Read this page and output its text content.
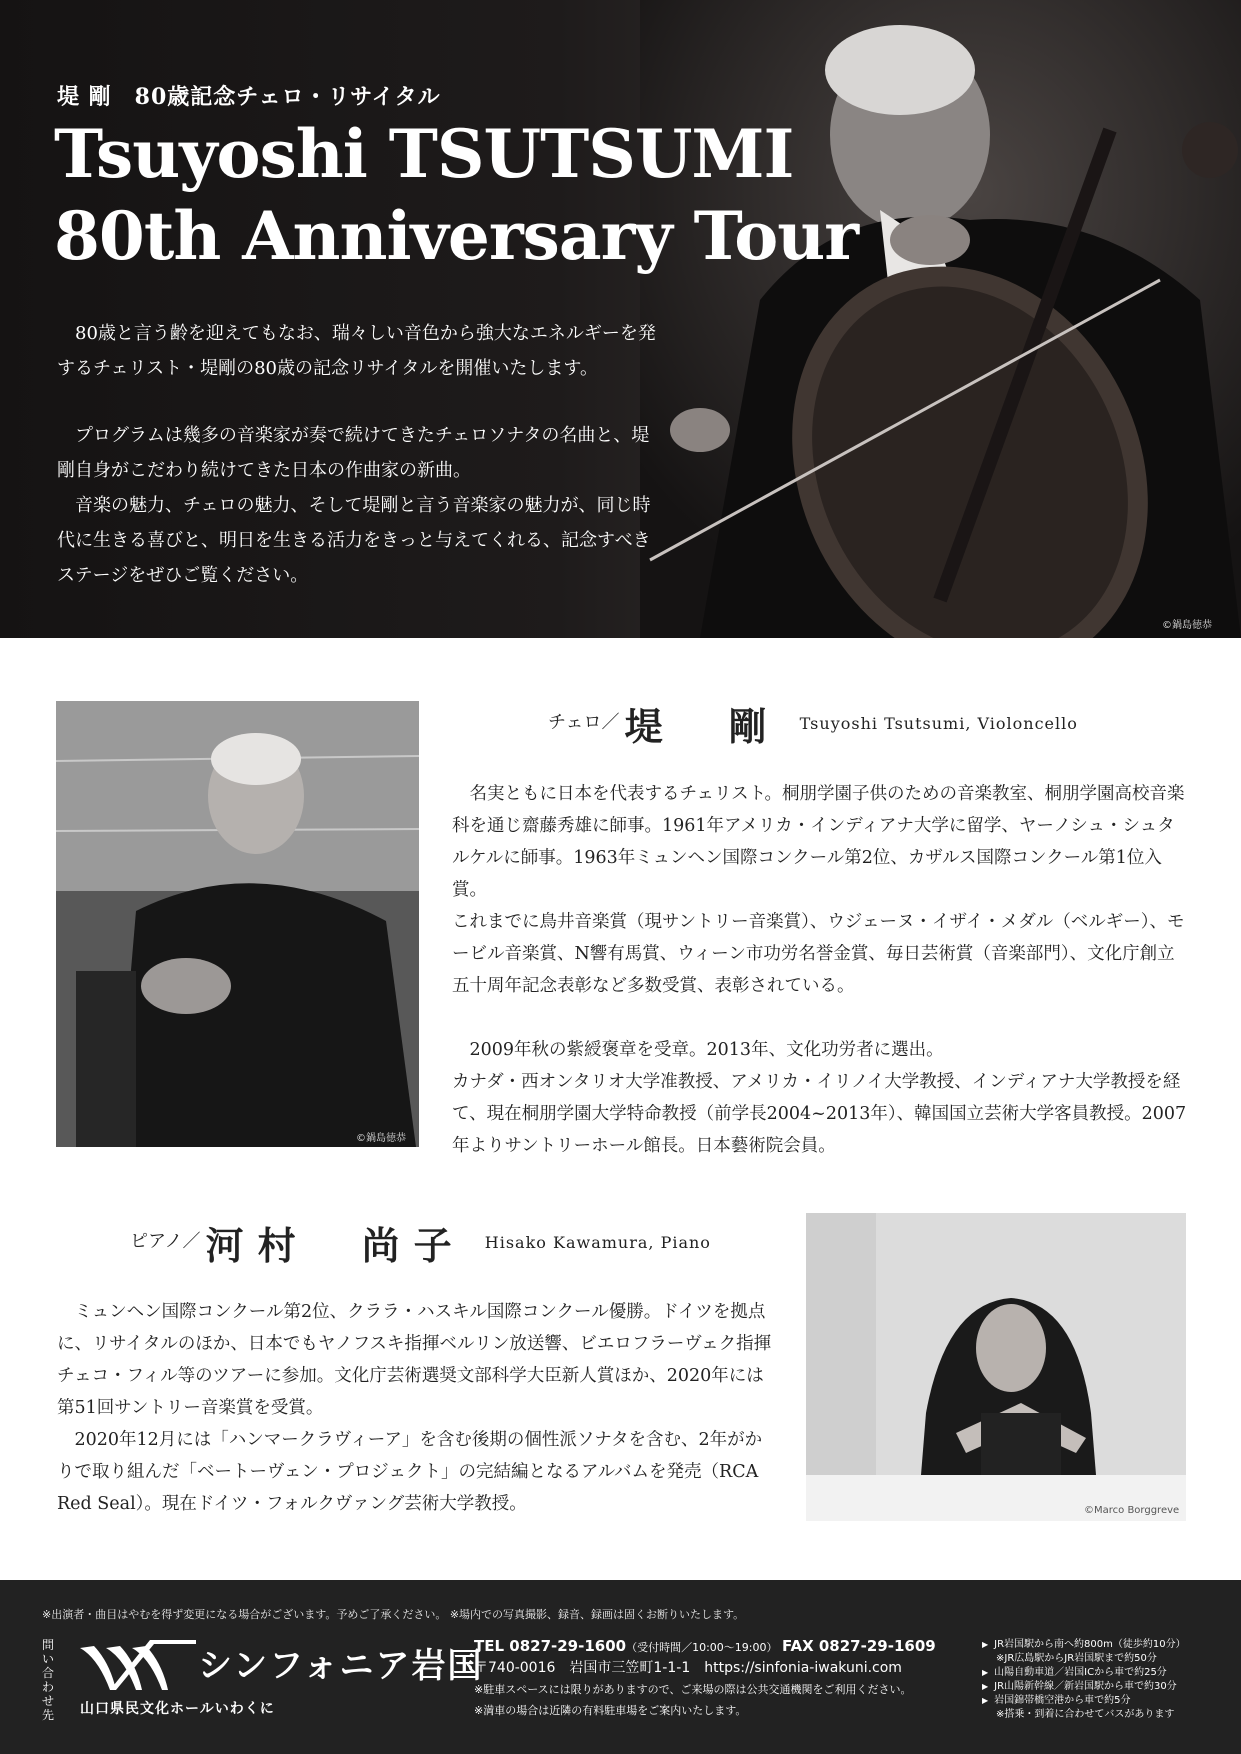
堤 剛　80歳記念チェロ・リサイタル
Tsuyoshi TSUTSUMI
80th Anniversary Tour

80歳と言う齢を迎えてもなお、瑞々しい音色から強大なエネルギーを発するチェリスト・堤剛の80歳の記念リサイタルを開催いたします。

プログラムは幾多の音楽家が奏で続けてきたチェロソナタの名曲と、堤剛自身がこだわり続けてきた日本の作曲家の新曲。

音楽の魅力、チェロの魅力、そして堤剛と言う音楽家の魅力が、同じ時代に生きる喜びと、明日を生きる活力をきっと与えてくれる、記念すべきステージをぜひご覧ください。

©鍋島徳恭
©鍋島徳恭
チェロ／ 堤　剛 Tsuyoshi Tsutsumi, Violoncello

名実ともに日本を代表するチェリスト。桐朋学園子供のための音楽教室、桐朋学園高校音楽科を通じ齋藤秀雄に師事。1961年アメリカ・インディアナ大学に留学、ヤーノシュ・シュタルケルに師事。1963年ミュンヘン国際コンクール第2位、カザルス国際コンクール第1位入賞。

これまでに鳥井音楽賞（現サントリー音楽賞）、ウジェーヌ・イザイ・メダル（ベルギー）、モービル音楽賞、N響有馬賞、ウィーン市功労名誉金賞、毎日芸術賞（音楽部門）、文化庁創立五十周年記念表彰など多数受賞、表彰されている。

2009年秋の紫綬褒章を受章。2013年、文化功労者に選出。

カナダ・西オンタリオ大学准教授、アメリカ・イリノイ大学教授、インディアナ大学教授を経て、現在桐朋学園大学特命教授（前学長2004~2013年）、韓国国立芸術大学客員教授。2007年よりサントリーホール館長。日本藝術院会員。

ピアノ／ 河村　尚子 Hisako Kawamura, Piano

ミュンヘン国際コンクール第2位、クララ・ハスキル国際コンクール優勝。ドイツを拠点に、リサイタルのほか、日本でもヤノフスキ指揮ベルリン放送響、ビエロフラーヴェク指揮チェコ・フィル等のツアーに参加。文化庁芸術選奨文部科学大臣新人賞ほか、2020年には第51回サントリー音楽賞を受賞。

2020年12月には「ハンマークラヴィーア」を含む後期の個性派ソナタを含む、2年がかりで取り組んだ「ベートーヴェン・プロジェクト」の完結編となるアルバムを発売（RCA Red Seal）。現在ドイツ・フォルクヴァング芸術大学教授。	©Marco Borggreve
※出演者・曲目はやむを得ず変更になる場合がございます。予めご了承ください。 ※場内での写真撮影、録音、録画は固くお断りいたします。
問い合わせ先
シンフォニア岩国
山口県民文化ホールいわくに
TEL 0827-29-1600（受付時間／10:00～19:00） FAX 0827-29-1609
〒740-0016　岩国市三笠町1-1-1　https://sinfonia-iwakuni.com
※駐車スペースには限りがありますので、ご来場の際は公共交通機関をご利用ください。
※満車の場合は近隣の有料駐車場をご案内いたします。
▶ JR岩国駅から南へ約800m（徒歩約10分）
※JR広島駅からJR岩国駅まで約50分
▶ 山陽自動車道／岩国ICから車で約25分
▶ JR山陽新幹線／新岩国駅から車で約30分
▶ 岩国錦帯橋空港から車で約5分
※搭乗・到着に合わせてバスがあります
